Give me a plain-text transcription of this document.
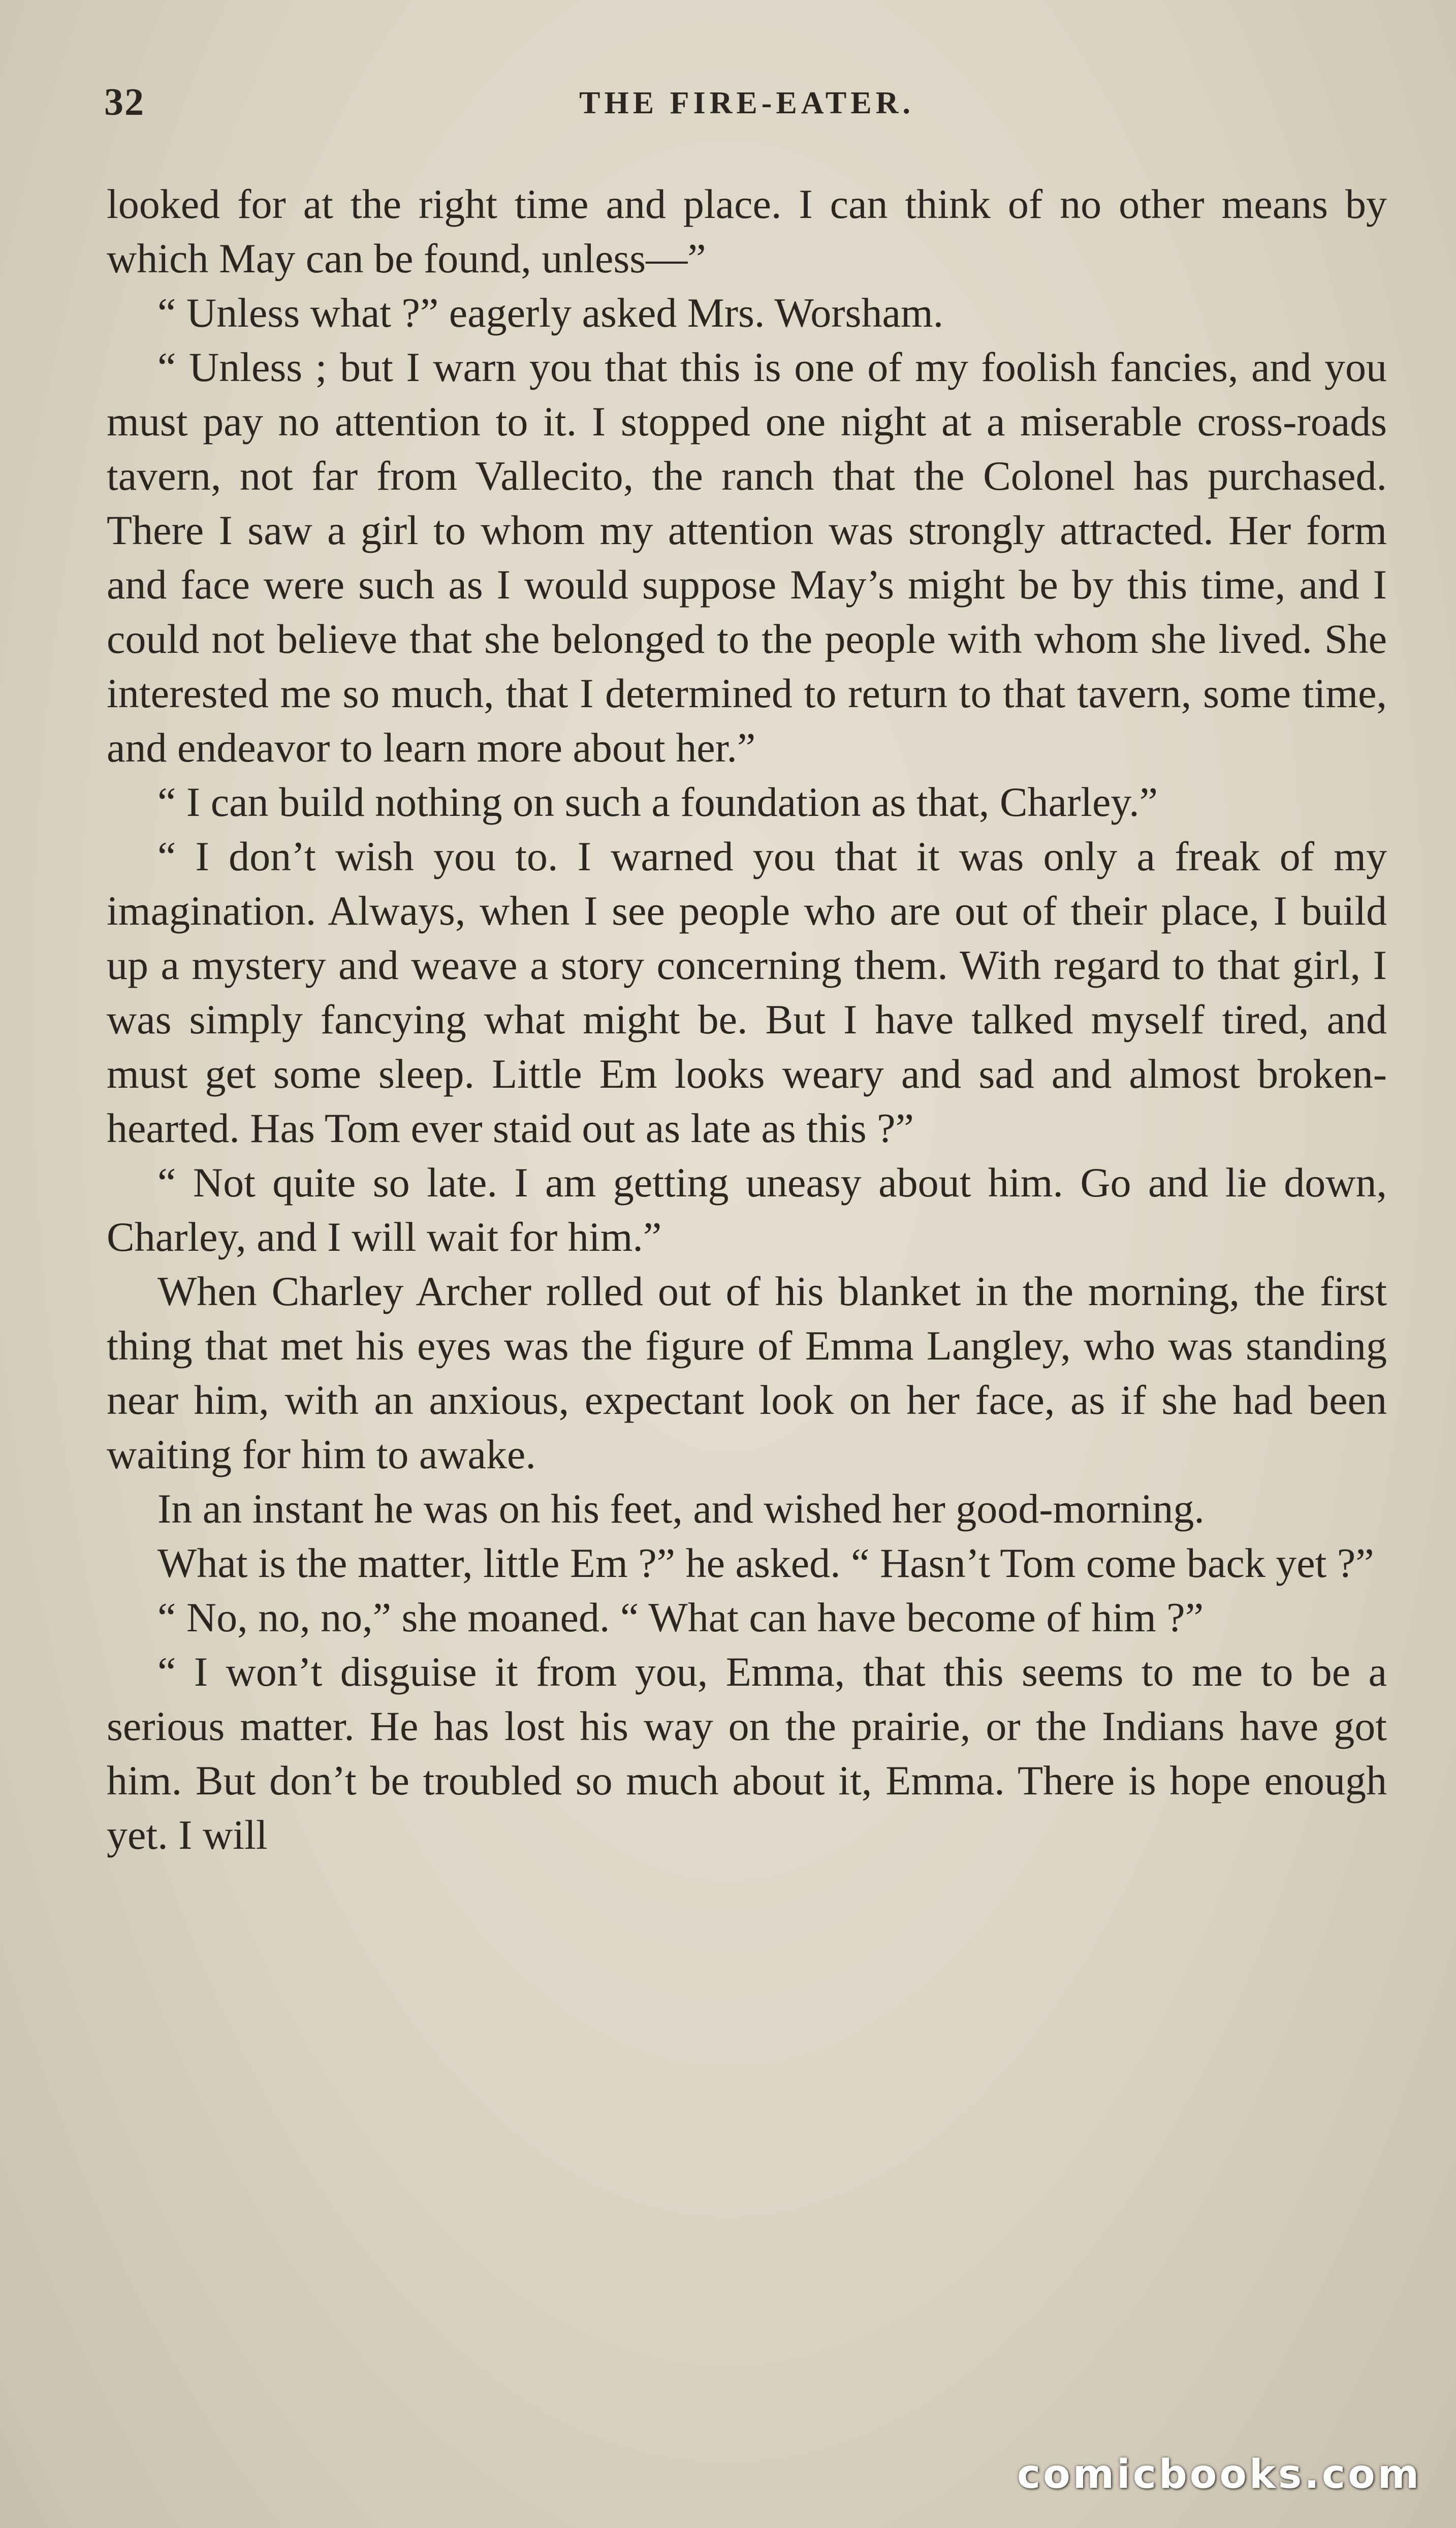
32	THE FIRE-EATER.

looked for at the right time and place. I can think of no other means by which May can be found, unless—”

“ Unless what ?” eagerly asked Mrs. Worsham.

“ Unless ; but I warn you that this is one of my foolish fancies, and you must pay no attention to it. I stopped one night at a miserable cross-roads tavern, not far from Vallecito, the ranch that the Colonel has purchased. There I saw a girl to whom my attention was strongly attracted. Her form and face were such as I would suppose May’s might be by this time, and I could not believe that she belonged to the people with whom she lived. She interested me so much, that I determined to return to that tavern, some time, and endeavor to learn more about her.”

“ I can build nothing on such a foundation as that, Charley.”

“ I don’t wish you to. I warned you that it was only a freak of my imagination. Always, when I see people who are out of their place, I build up a mystery and weave a story concerning them. With regard to that girl, I was simply fancying what might be. But I have talked myself tired, and must get some sleep. Little Em looks weary and sad and almost broken-hearted. Has Tom ever staid out as late as this ?”

“ Not quite so late. I am getting uneasy about him. Go and lie down, Charley, and I will wait for him.”

When Charley Archer rolled out of his blanket in the morning, the first thing that met his eyes was the figure of Emma Langley, who was standing near him, with an anxious, expectant look on her face, as if she had been waiting for him to awake.

In an instant he was on his feet, and wished her good-morning.

What is the matter, little Em ?” he asked. “ Hasn’t Tom come back yet ?”

“ No, no, no,” she moaned. “ What can have become of him ?”

“ I won’t disguise it from you, Emma, that this seems to me to be a serious matter. He has lost his way on the prairie, or the Indians have got him. But don’t be troubled so much about it, Emma. There is hope enough yet. I will

comicbooks.com
